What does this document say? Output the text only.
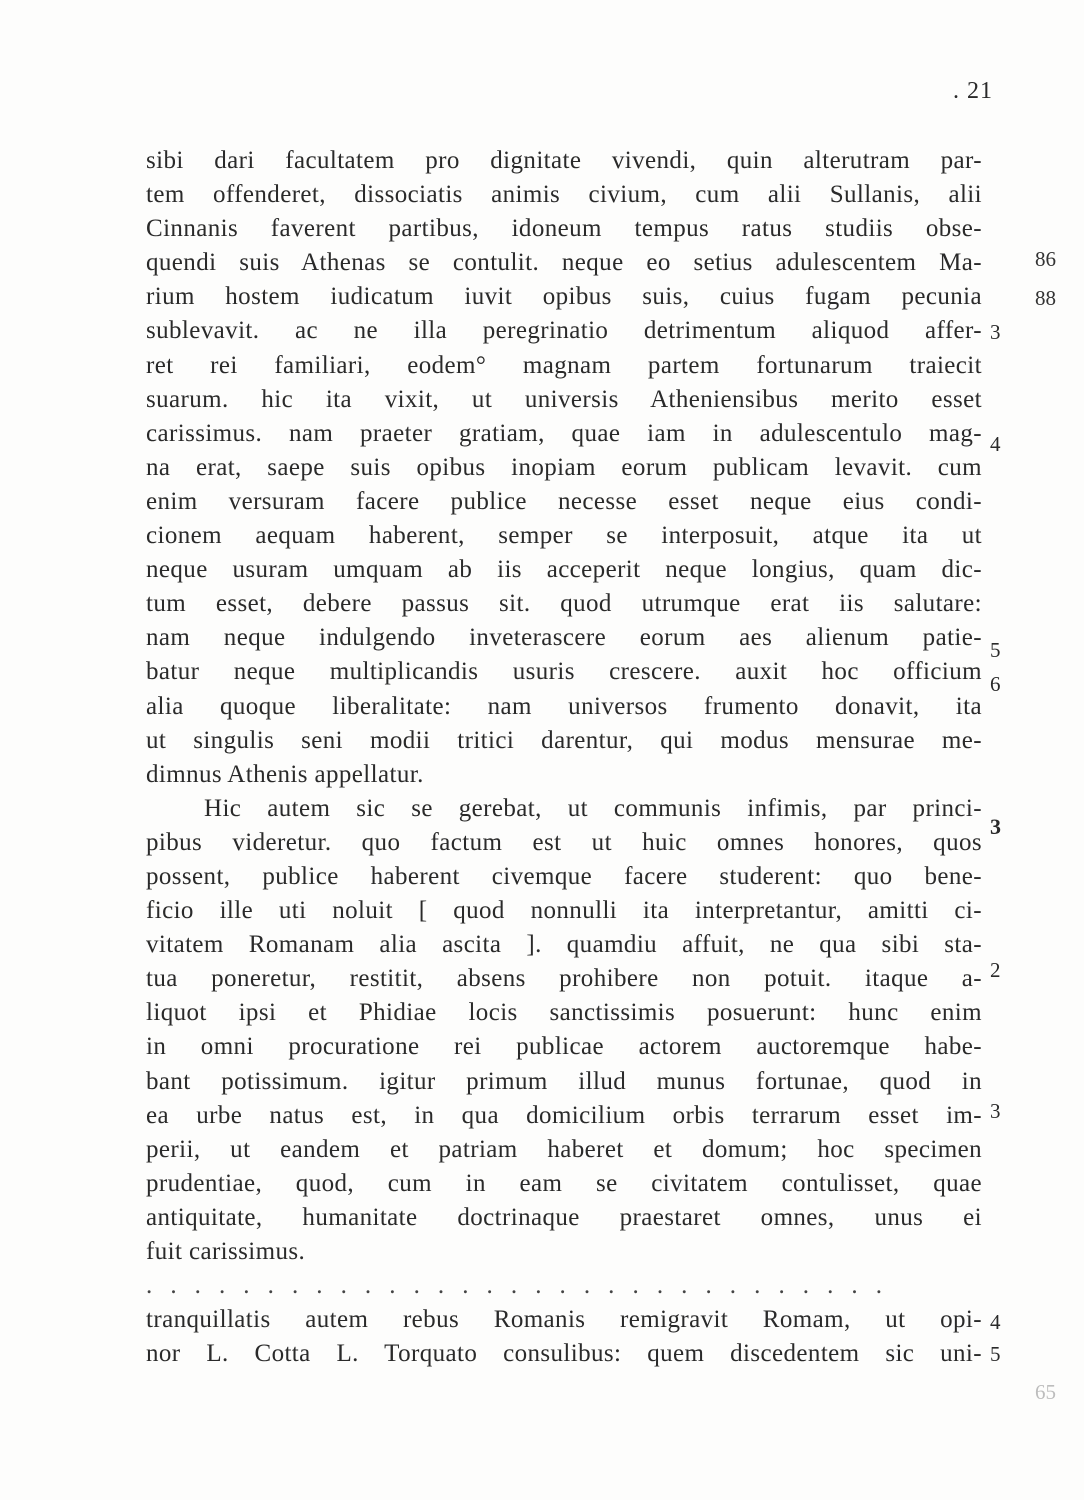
. 21
sibi dari facultatem pro dignitate vivendi, quin alterutram par-
tem offenderet, dissociatis animis civium, cum alii Sullanis, alii
Cinnanis faverent partibus, idoneum tempus ratus studiis obse-
quendi suis Athenas se contulit. neque eo setius adulescentem Ma-
rium hostem iudicatum iuvit opibus suis, cuius fugam pecunia
sublevavit. ac ne illa peregrinatio detrimentum aliquod affer-
ret rei familiari, eodem° magnam partem fortunarum traiecit
suarum. hic ita vixit, ut universis Atheniensibus merito esset
carissimus. nam praeter gratiam, quae iam in adulescentulo mag-
na erat, saepe suis opibus inopiam eorum publicam levavit. cum
enim versuram facere publice necesse esset neque eius condi-
cionem aequam haberent, semper se interposuit, atque ita ut
neque usuram umquam ab iis acceperit neque longius, quam dic-
tum esset, debere passus sit. quod utrumque erat iis salutare:
nam neque indulgendo inveterascere eorum aes alienum patie-
batur neque multiplicandis usuris crescere. auxit hoc officium
alia quoque liberalitate: nam universos frumento donavit, ita
ut singulis seni modii tritici darentur, qui modus mensurae me-
dimnus Athenis appellatur.
Hic autem sic se gerebat, ut communis infimis, par princi-
pibus videretur. quo factum est ut huic omnes honores, quos
possent, publice haberent civemque facere studerent: quo bene-
ficio ille uti noluit [ quod nonnulli ita interpretantur, amitti ci-
vitatem Romanam alia ascita ]. quamdiu affuit, ne qua sibi sta-
tua poneretur, restitit, absens prohibere non potuit. itaque a-
liquot ipsi et Phidiae locis sanctissimis posuerunt: hunc enim
in omni procuratione rei publicae actorem auctoremque habe-
bant potissimum. igitur primum illud munus fortunae, quod in
ea urbe natus est, in qua domicilium orbis terrarum esset im-
perii, ut eandem et patriam haberet et domum; hoc specimen
prudentiae, quod, cum in eam se civitatem contulisset, quae
antiquitate, humanitate doctrinaque praestaret omnes, unus ei
fuit carissimus.
. . . . . . . . . . . . . . . . . . . . . . . . . . . . . . .
tranquillatis autem rebus Romanis remigravit Romam, ut opi-
nor L. Cotta L. Torquato consulibus: quem discedentem sic uni-
3
4
5
6
3
2
3
4
5
86
88
65
